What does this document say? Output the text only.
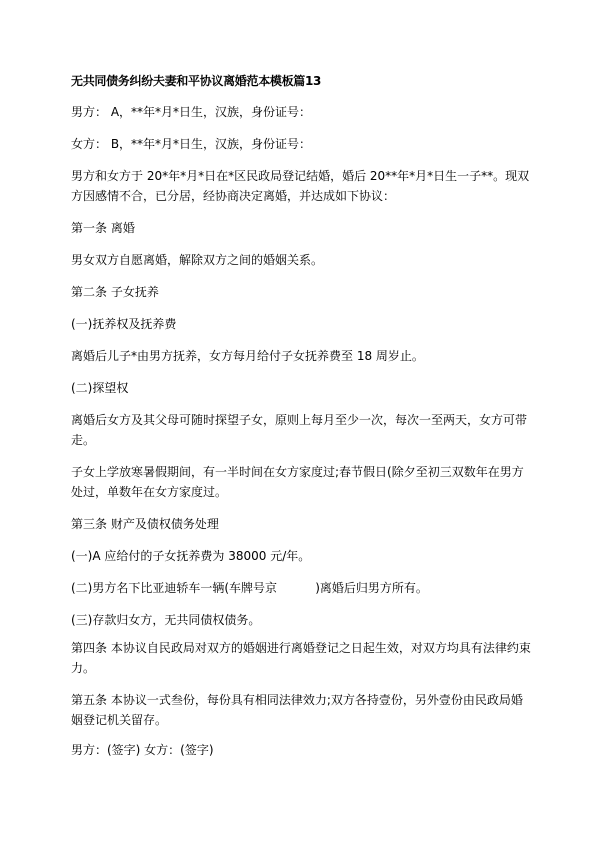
无共同债务纠纷夫妻和平协议离婚范本模板篇13
男方： A，**年*月*日生，汉族，身份证号：
女方： B，**年*月*日生，汉族，身份证号：
男方和女方于 20*年*月*日在*区民政局登记结婚，婚后 20**年*月*日生一子**。现双方因感情不合，已分居，经协商决定离婚，并达成如下协议：
第一条 离婚
男女双方自愿离婚，解除双方之间的婚姻关系。
第二条 子女抚养
(一)抚养权及抚养费
离婚后儿子*由男方抚养，女方每月给付子女抚养费至 18 周岁止。
(二)探望权
离婚后女方及其父母可随时探望子女，原则上每月至少一次，每次一至两天，女方可带走。
子女上学放寒暑假期间，有一半时间在女方家度过;春节假日(除夕至初三双数年在男方处过，单数年在女方家度过。
第三条 财产及债权债务处理
(一)A 应给付的子女抚养费为 38000 元/年。
(二)男方名下比亚迪轿车一辆(车牌号京          )离婚后归男方所有。
(三)存款归女方，无共同债权债务。
第四条 本协议自民政局对双方的婚姻进行离婚登记之日起生效，对双方均具有法律约束力。
第五条 本协议一式叁份，每份具有相同法律效力;双方各持壹份，另外壹份由民政局婚姻登记机关留存。
男方：(签字) 女方：(签字)
